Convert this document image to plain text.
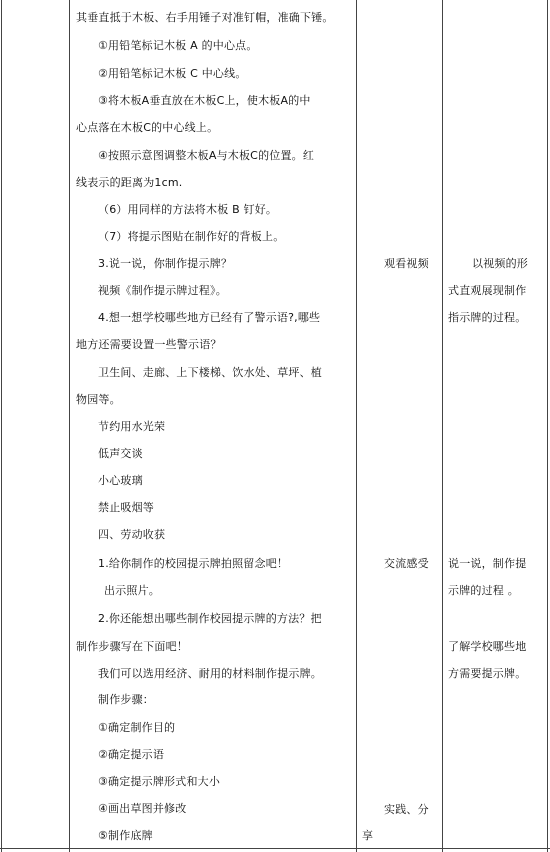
其垂直抵于木板、右手用锤子对准钉帽，准确下锤。
①用铅笔标记木板 A 的中心点。
②用铅笔标记木板 C 中心线。
③将木板A垂直放在木板C上，使木板A的中
心点落在木板C的中心线上。
④按照示意图调整木板A与木板C的位置。红
线表示的距离为1cm.
（6）用同样的方法将木板 B 钉好。
（7）将提示图贴在制作好的背板上。
3.说一说，你制作提示牌？
视频《制作提示牌过程》。
4.想一想学校哪些地方已经有了警示语?,哪些
地方还需要设置一些警示语？
卫生间、走廊、上下楼梯、饮水处、草坪、植
物园等。
节约用水光荣
低声交谈
小心玻璃
禁止吸烟等
四、劳动收获
1.给你制作的校园提示牌拍照留念吧！
出示照片。
2.你还能想出哪些制作校园提示牌的方法？把
制作步骤写在下面吧！
我们可以选用经济、耐用的材料制作提示牌。
制作步骤：
①确定制作目的
②确定提示语
③确定提示牌形式和大小
④画出草图并修改
⑤制作底牌
观看视频
交流感受
实践、分
享
以视频的形
式直观展现制作
指示牌的过程。
说一说，制作提
示牌的过程 。
了解学校哪些地
方需要提示牌。
